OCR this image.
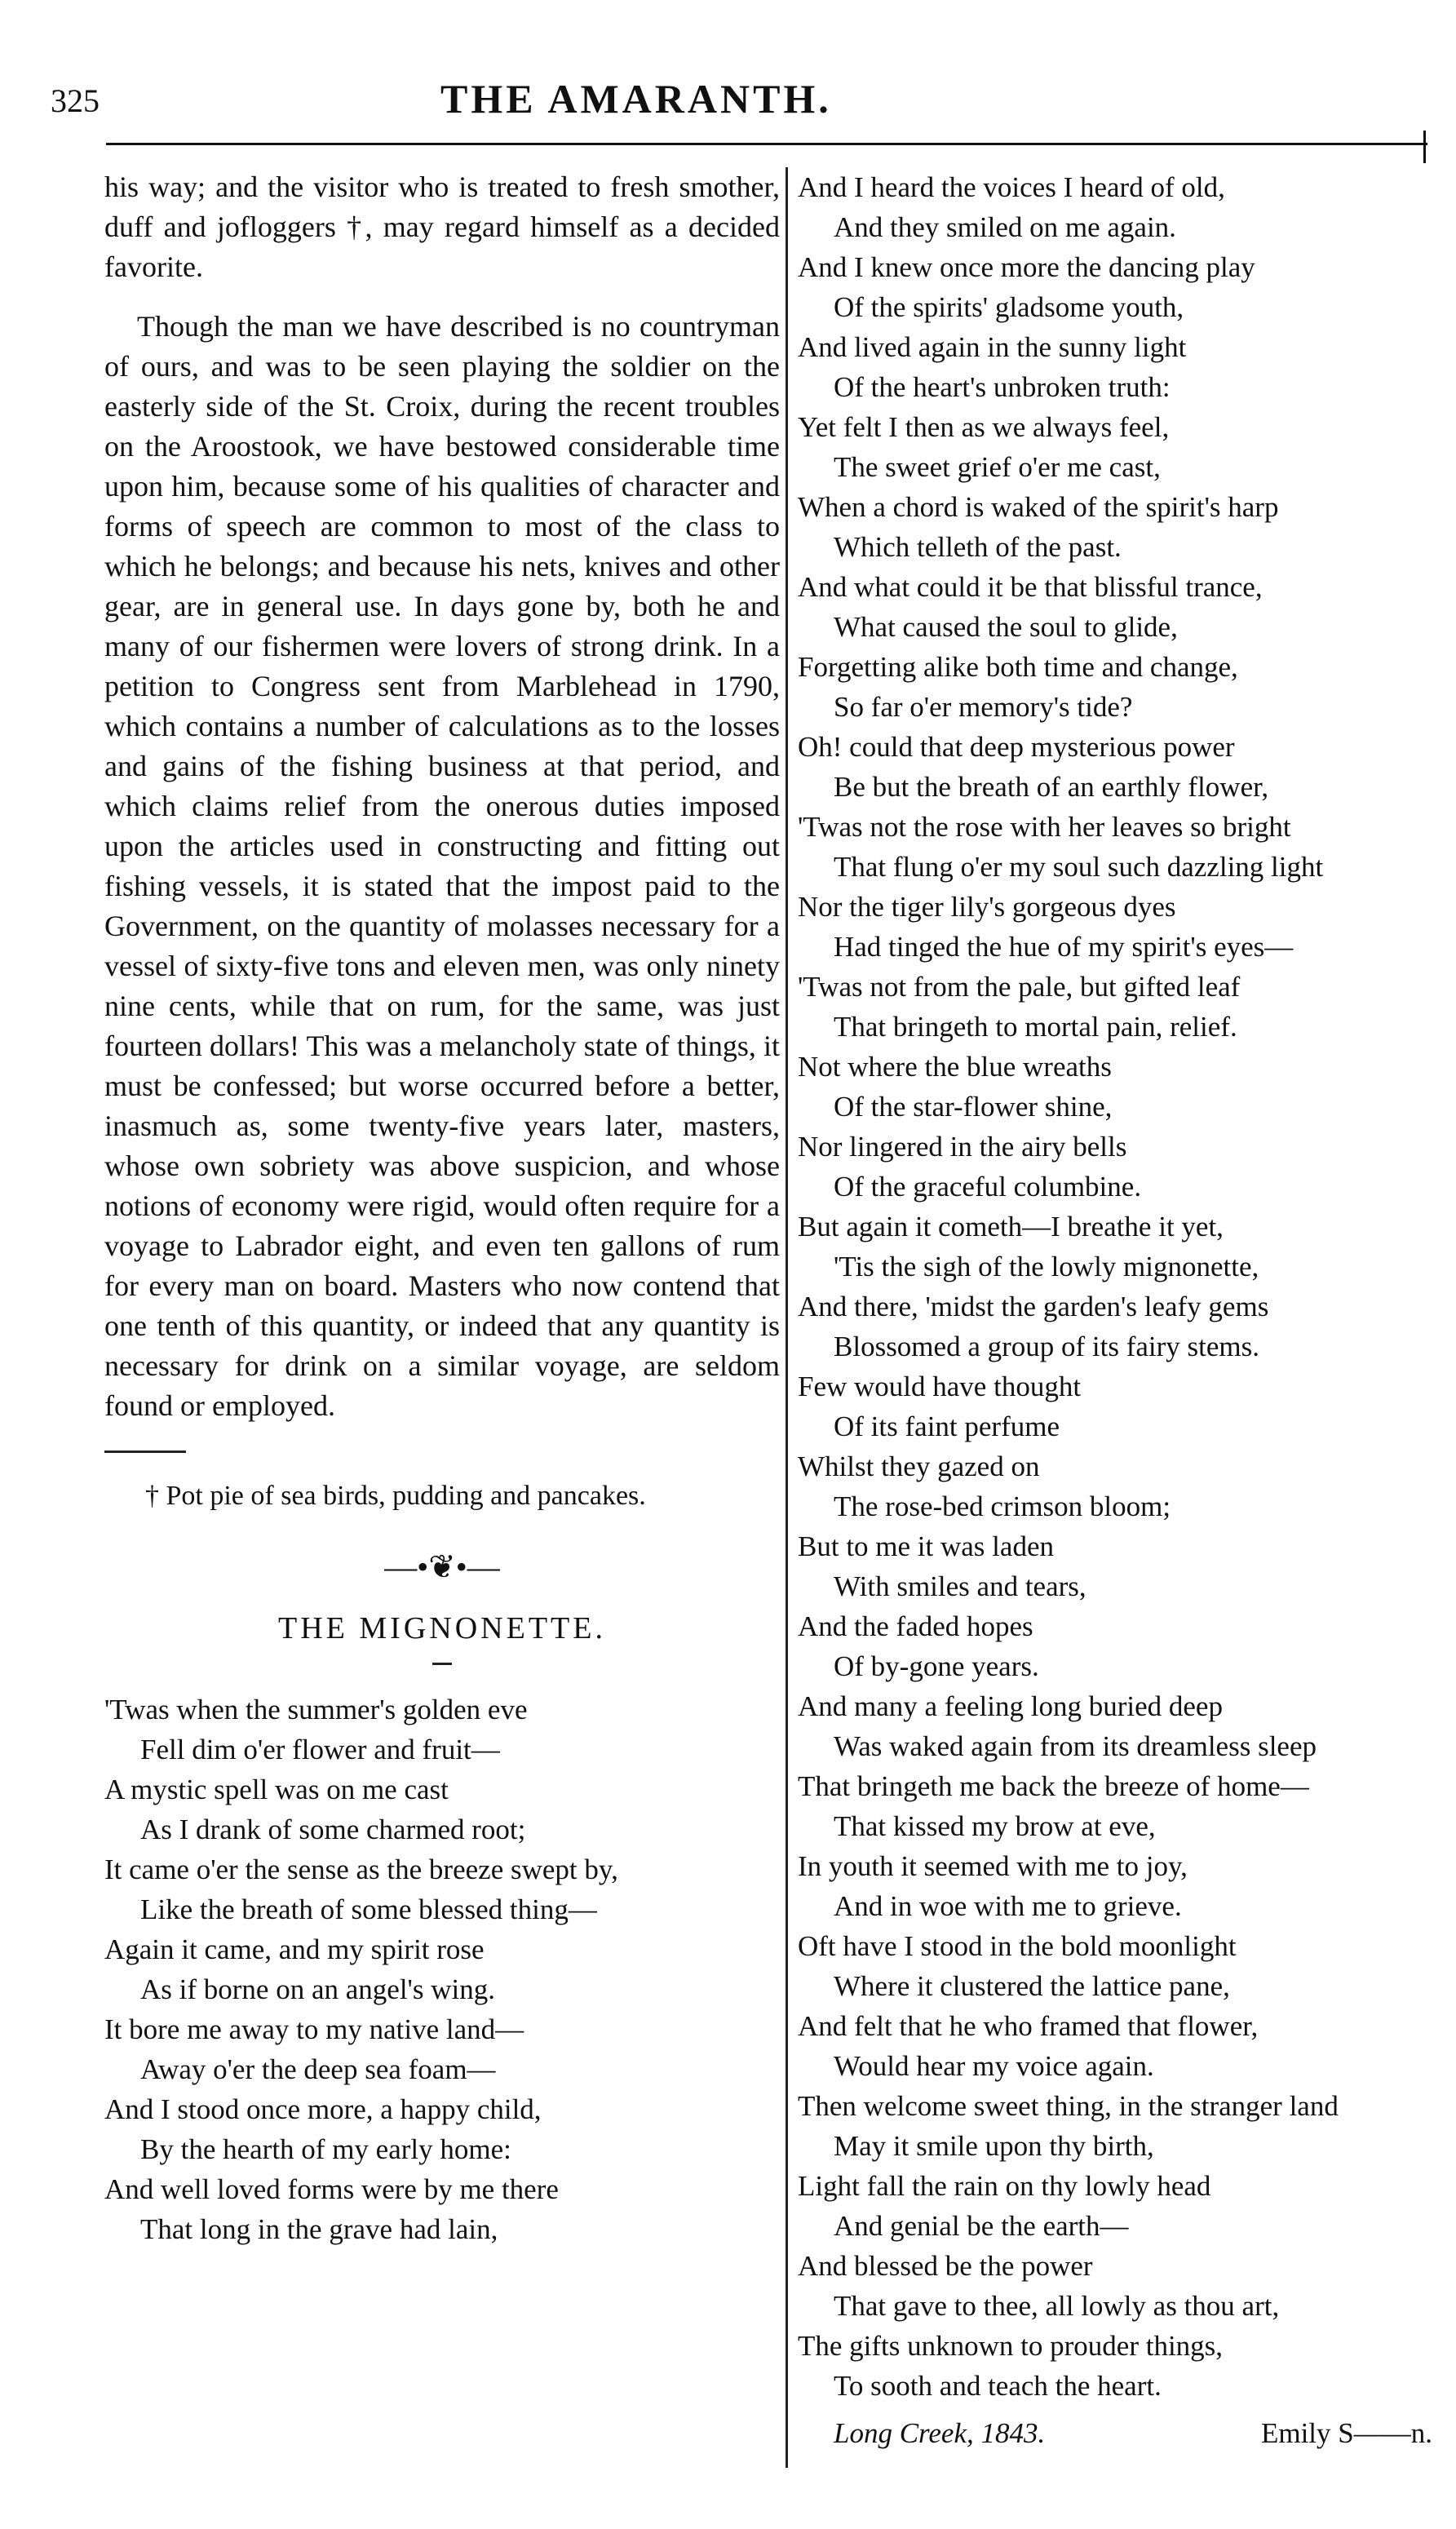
325	THE AMARANTH.

his way; and the visitor who is treated to fresh smother, duff and jofloggers †, may regard himself as a decided favorite.

Though the man we have described is no countryman of ours, and was to be seen playing the soldier on the easterly side of the St. Croix, during the recent troubles on the Aroostook, we have bestowed considerable time upon him, because some of his qualities of character and forms of speech are common to most of the class to which he belongs; and because his nets, knives and other gear, are in general use. In days gone by, both he and many of our fishermen were lovers of strong drink. In a petition to Congress sent from Marblehead in 1790, which contains a number of calculations as to the losses and gains of the fishing business at that period, and which claims relief from the onerous duties imposed upon the articles used in constructing and fitting out fishing vessels, it is stated that the impost paid to the Government, on the quantity of molasses necessary for a vessel of sixty-five tons and eleven men, was only ninety nine cents, while that on rum, for the same, was just fourteen dollars! This was a melancholy state of things, it must be confessed; but worse occurred before a better, inasmuch as, some twenty-five years later, masters, whose own sobriety was above suspicion, and whose notions of economy were rigid, would often require for a voyage to Labrador eight, and even ten gallons of rum for every man on board. Masters who now contend that one tenth of this quantity, or indeed that any quantity is necessary for drink on a similar voyage, are seldom found or employed.

† Pot pie of sea birds, pudding and pancakes.
—•❦•—
THE MIGNONETTE.
'Twas when the summer's golden eve
Fell dim o'er flower and fruit—
A mystic spell was on me cast
As I drank of some charmed root;
It came o'er the sense as the breeze swept by,
Like the breath of some blessed thing—
Again it came, and my spirit rose
As if borne on an angel's wing.
It bore me away to my native land—
Away o'er the deep sea foam—
And I stood once more, a happy child,
By the hearth of my early home:
And well loved forms were by me there
That long in the grave had lain,
And I heard the voices I heard of old,
And they smiled on me again.
And I knew once more the dancing play
Of the spirits' gladsome youth,
And lived again in the sunny light
Of the heart's unbroken truth:
Yet felt I then as we always feel,
The sweet grief o'er me cast,
When a chord is waked of the spirit's harp
Which telleth of the past.
And what could it be that blissful trance,
What caused the soul to glide,
Forgetting alike both time and change,
So far o'er memory's tide?
Oh! could that deep mysterious power
Be but the breath of an earthly flower,
'Twas not the rose with her leaves so bright
That flung o'er my soul such dazzling light
Nor the tiger lily's gorgeous dyes
Had tinged the hue of my spirit's eyes—
'Twas not from the pale, but gifted leaf
That bringeth to mortal pain, relief.
Not where the blue wreaths
Of the star-flower shine,
Nor lingered in the airy bells
Of the graceful columbine.
But again it cometh—I breathe it yet,
'Tis the sigh of the lowly mignonette,
And there, 'midst the garden's leafy gems
Blossomed a group of its fairy stems.
Few would have thought
Of its faint perfume
Whilst they gazed on
The rose-bed crimson bloom;
But to me it was laden
With smiles and tears,
And the faded hopes
Of by-gone years.
And many a feeling long buried deep
Was waked again from its dreamless sleep
That bringeth me back the breeze of home—
That kissed my brow at eve,
In youth it seemed with me to joy,
And in woe with me to grieve.
Oft have I stood in the bold moonlight
Where it clustered the lattice pane,
And felt that he who framed that flower,
Would hear my voice again.
Then welcome sweet thing, in the stranger land
May it smile upon thy birth,
Light fall the rain on thy lowly head
And genial be the earth—
And blessed be the power
That gave to thee, all lowly as thou art,
The gifts unknown to prouder things,
To sooth and teach the heart.
Long Creek, 1843.	Emily S——n.
